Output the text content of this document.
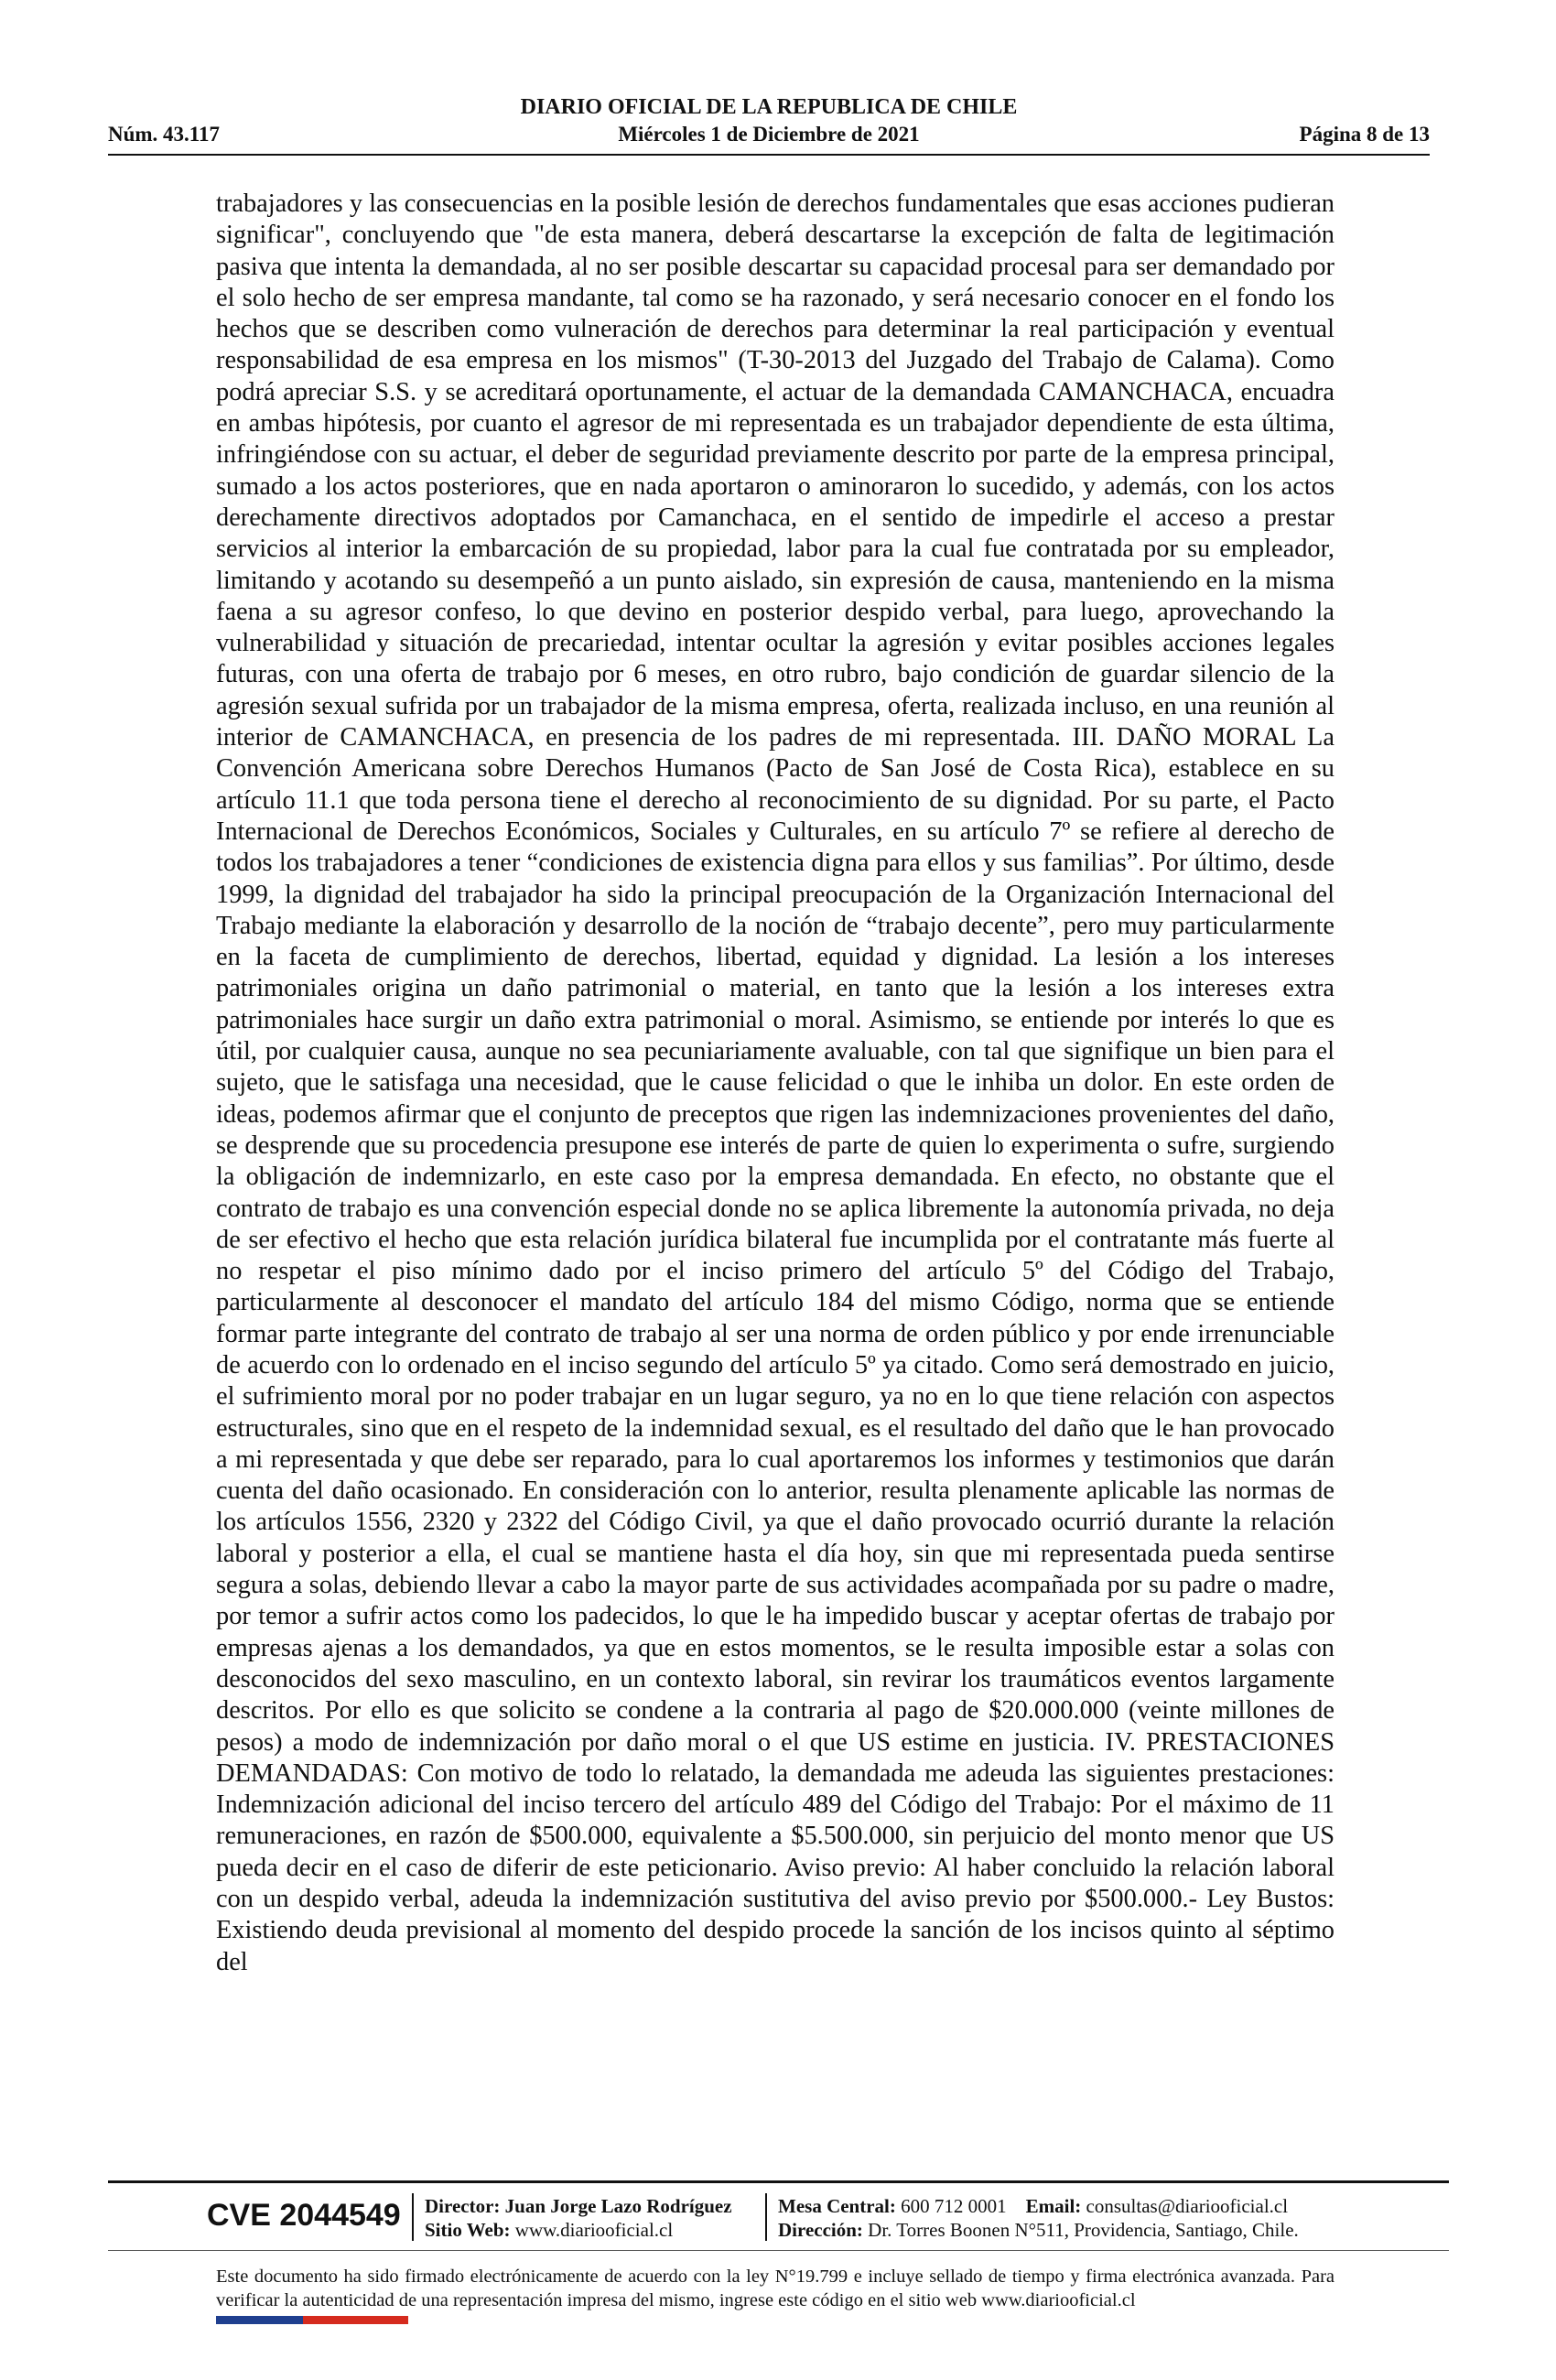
DIARIO OFICIAL DE LA REPUBLICA DE CHILE
Núm. 43.117	Miércoles 1 de Diciembre de 2021	Página 8 de 13
trabajadores y las consecuencias en la posible lesión de derechos fundamentales que esas acciones pudieran significar", concluyendo que "de esta manera, deberá descartarse la excepción de falta de legitimación pasiva que intenta la demandada, al no ser posible descartar su capacidad procesal para ser demandado por el solo hecho de ser empresa mandante, tal como se ha razonado, y será necesario conocer en el fondo los hechos que se describen como vulneración de derechos para determinar la real participación y eventual responsabilidad de esa empresa en los mismos" (T-30-2013 del Juzgado del Trabajo de Calama). Como podrá apreciar S.S. y se acreditará oportunamente, el actuar de la demandada CAMANCHACA, encuadra en ambas hipótesis, por cuanto el agresor de mi representada es un trabajador dependiente de esta última, infringiéndose con su actuar, el deber de seguridad previamente descrito por parte de la empresa principal, sumado a los actos posteriores, que en nada aportaron o aminoraron lo sucedido, y además, con los actos derechamente directivos adoptados por Camanchaca, en el sentido de impedirle el acceso a prestar servicios al interior la embarcación de su propiedad, labor para la cual fue contratada por su empleador, limitando y acotando su desempeñó a un punto aislado, sin expresión de causa, manteniendo en la misma faena a su agresor confeso, lo que devino en posterior despido verbal, para luego, aprovechando la vulnerabilidad y situación de precariedad, intentar ocultar la agresión y evitar posibles acciones legales futuras, con una oferta de trabajo por 6 meses, en otro rubro, bajo condición de guardar silencio de la agresión sexual sufrida por un trabajador de la misma empresa, oferta, realizada incluso, en una reunión al interior de CAMANCHACA, en presencia de los padres de mi representada. III. DAÑO MORAL La Convención Americana sobre Derechos Humanos (Pacto de San José de Costa Rica), establece en su artículo 11.1 que toda persona tiene el derecho al reconocimiento de su dignidad. Por su parte, el Pacto Internacional de Derechos Económicos, Sociales y Culturales, en su artículo 7º se refiere al derecho de todos los trabajadores a tener “condiciones de existencia digna para ellos y sus familias”. Por último, desde 1999, la dignidad del trabajador ha sido la principal preocupación de la Organización Internacional del Trabajo mediante la elaboración y desarrollo de la noción de “trabajo decente”, pero muy particularmente en la faceta de cumplimiento de derechos, libertad, equidad y dignidad. La lesión a los intereses patrimoniales origina un daño patrimonial o material, en tanto que la lesión a los intereses extra patrimoniales hace surgir un daño extra patrimonial o moral. Asimismo, se entiende por interés lo que es útil, por cualquier causa, aunque no sea pecuniariamente avaluable, con tal que signifique un bien para el sujeto, que le satisfaga una necesidad, que le cause felicidad o que le inhiba un dolor. En este orden de ideas, podemos afirmar que el conjunto de preceptos que rigen las indemnizaciones provenientes del daño, se desprende que su procedencia presupone ese interés de parte de quien lo experimenta o sufre, surgiendo la obligación de indemnizarlo, en este caso por la empresa demandada. En efecto, no obstante que el contrato de trabajo es una convención especial donde no se aplica libremente la autonomía privada, no deja de ser efectivo el hecho que esta relación jurídica bilateral fue incumplida por el contratante más fuerte al no respetar el piso mínimo dado por el inciso primero del artículo 5º del Código del Trabajo, particularmente al desconocer el mandato del artículo 184 del mismo Código, norma que se entiende formar parte integrante del contrato de trabajo al ser una norma de orden público y por ende irrenunciable de acuerdo con lo ordenado en el inciso segundo del artículo 5º ya citado. Como será demostrado en juicio, el sufrimiento moral por no poder trabajar en un lugar seguro, ya no en lo que tiene relación con aspectos estructurales, sino que en el respeto de la indemnidad sexual, es el resultado del daño que le han provocado a mi representada y que debe ser reparado, para lo cual aportaremos los informes y testimonios que darán cuenta del daño ocasionado. En consideración con lo anterior, resulta plenamente aplicable las normas de los artículos 1556, 2320 y 2322 del Código Civil, ya que el daño provocado ocurrió durante la relación laboral y posterior a ella, el cual se mantiene hasta el día hoy, sin que mi representada pueda sentirse segura a solas, debiendo llevar a cabo la mayor parte de sus actividades acompañada por su padre o madre, por temor a sufrir actos como los padecidos, lo que le ha impedido buscar y aceptar ofertas de trabajo por empresas ajenas a los demandados, ya que en estos momentos, se le resulta imposible estar a solas con desconocidos del sexo masculino, en un contexto laboral, sin revirar los traumáticos eventos largamente descritos. Por ello es que solicito se condene a la contraria al pago de $20.000.000 (veinte millones de pesos) a modo de indemnización por daño moral o el que US estime en justicia. IV. PRESTACIONES DEMANDADAS: Con motivo de todo lo relatado, la demandada me adeuda las siguientes prestaciones: Indemnización adicional del inciso tercero del artículo 489 del Código del Trabajo: Por el máximo de 11 remuneraciones, en razón de $500.000, equivalente a $5.500.000, sin perjuicio del monto menor que US pueda decir en el caso de diferir de este peticionario. Aviso previo: Al haber concluido la relación laboral con un despido verbal, adeuda la indemnización sustitutiva del aviso previo por $500.000.- Ley Bustos: Existiendo deuda previsional al momento del despido procede la sanción de los incisos quinto al séptimo del
CVE 2044549 Director: Juan Jorge Lazo Rodríguez
Sitio Web: www.diariooficial.cl
Mesa Central: 600 712 0001 Email: consultas@diariooficial.cl
Dirección: Dr. Torres Boonen N°511, Providencia, Santiago, Chile.
Este documento ha sido firmado electrónicamente de acuerdo con la ley N°19.799 e incluye sellado de tiempo y firma electrónica avanzada. Para verificar la autenticidad de una representación impresa del mismo, ingrese este código en el sitio web www.diariooficial.cl
